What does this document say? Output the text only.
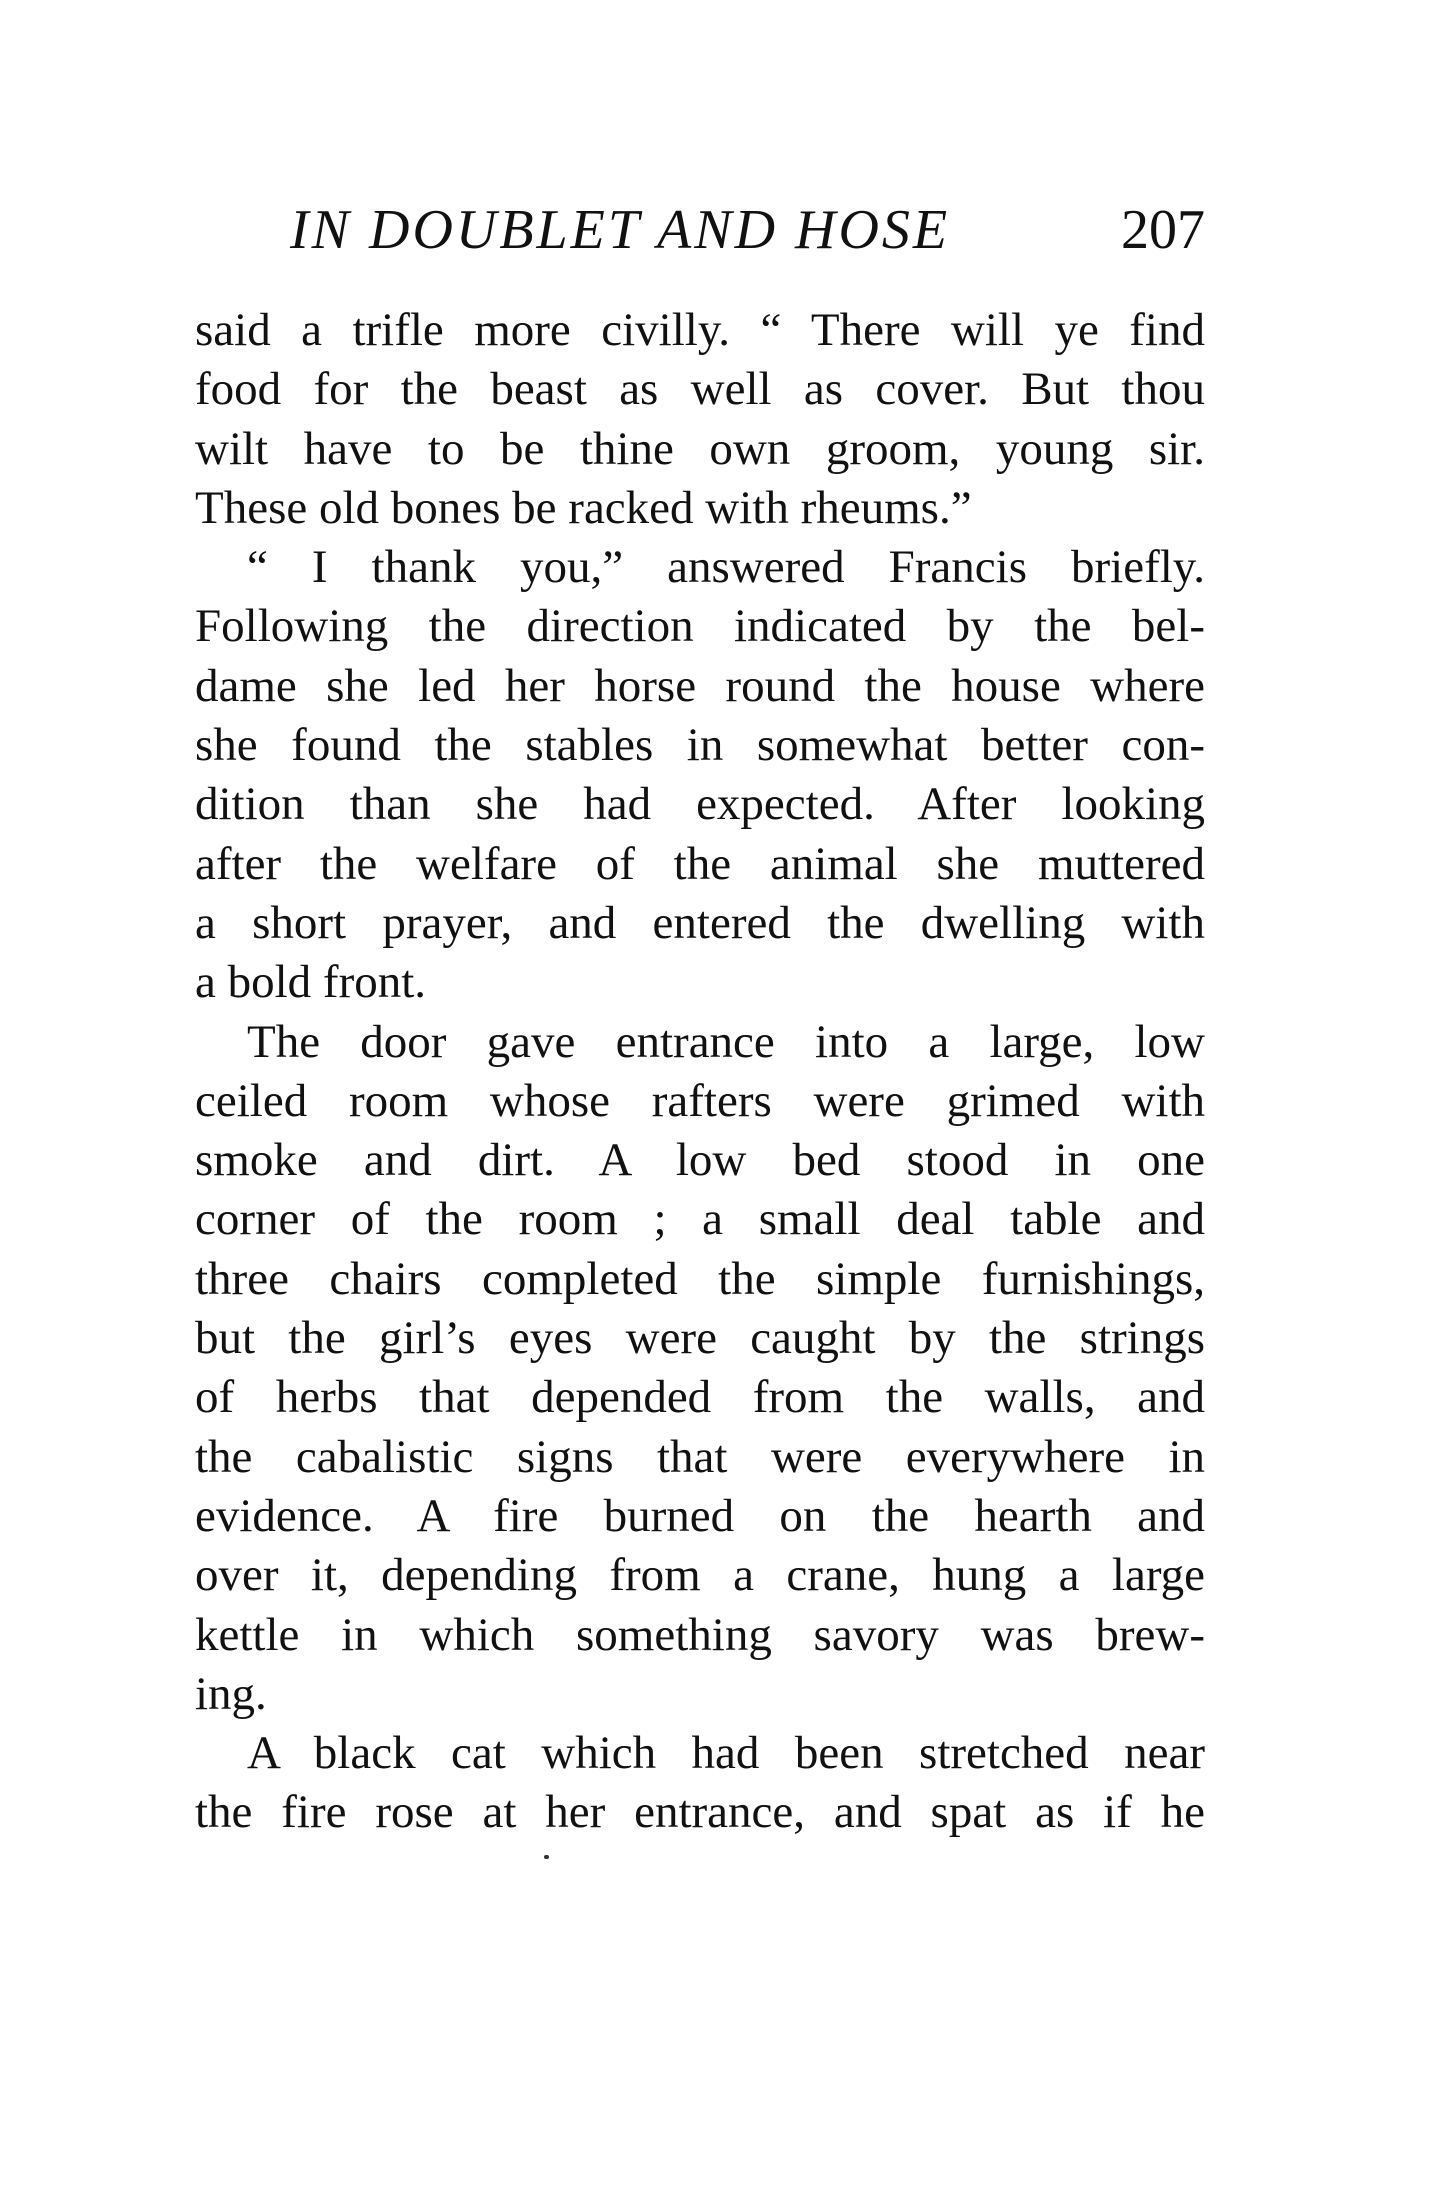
IN DOUBLET AND HOSE	207
said a trifle more civilly. “ There will ye find
food for the beast as well as cover. But thou
wilt have to be thine own groom, young sir.
These old bones be racked with rheums.”
“ I thank you,” answered Francis briefly.
Following the direction indicated by the bel-
dame she led her horse round the house where
she found the stables in somewhat better con-
dition than she had expected. After looking
after the welfare of the animal she muttered
a short prayer, and entered the dwelling with
a bold front.
The door gave entrance into a large, low
ceiled room whose rafters were grimed with
smoke and dirt. A low bed stood in one
corner of the room ; a small deal table and
three chairs completed the simple furnishings,
but the girl’s eyes were caught by the strings
of herbs that depended from the walls, and
the cabalistic signs that were everywhere in
evidence. A fire burned on the hearth and
over it, depending from a crane, hung a large
kettle in which something savory was brew-
ing.
A black cat which had been stretched near
the fire rose at her entrance, and spat as if he
